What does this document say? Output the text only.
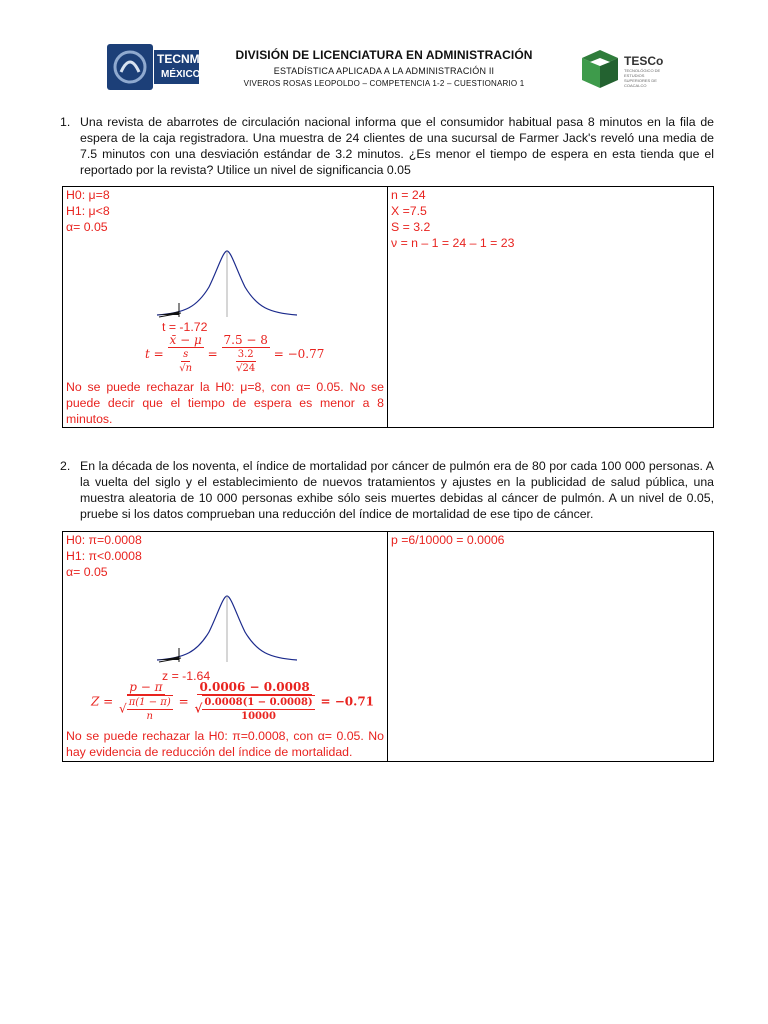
TECNM
MÉXICO
DIVISIÓN DE LICENCIATURA EN ADMINISTRACIÓN
ESTADÍSTICA APLICADA A LA ADMINISTRACIÓN II
VIVEROS ROSAS LEOPOLDO – COMPETENCIA 1-2 – CUESTIONARIO 1
TESCo
TECNOLÓGICO DE ESTUDIOS SUPERIORES DE COACALCO
1. Una revista de abarrotes de circulación nacional informa que el consumidor habitual pasa 8 minutos en la fila de espera de la caja registradora. Una muestra de 24 clientes de una sucursal de Farmer Jack's reveló una media de 7.5 minutos con una desviación estándar de 3.2 minutos. ¿Es menor el tiempo de espera en esta tienda que el reportado por la revista? Utilice un nivel de significancia 0.05
H0: μ=8
H1: μ<8
α= 0.05
t = -1.72
$t = \frac{x̄ - \mu}{\frac{s}{√n}} = \frac{7.5 - 8}{\frac{3.2}{√24}} = -0.77$
No se puede rechazar la H0: μ=8, con α= 0.05. No se puede decir que el tiempo de espera es menor a 8 minutos.
n = 24
X =7.5
S = 3.2
ν = n – 1 = 24 – 1 = 23
2. En la década de los noventa, el índice de mortalidad por cáncer de pulmón era de 80 por cada 100 000 personas. A la vuelta del siglo y el establecimiento de nuevos tratamientos y ajustes en la publicidad de salud pública, una muestra aleatoria de 10 000 personas exhibe sólo seis muertes debidas al cáncer de pulmón. A un nivel de 0.05, pruebe si los datos comprueban una reducción del índice de mortalidad de ese tipo de cáncer.
H0: π=0.0008
H1: π<0.0008
α= 0.05
z = -1.64
$Z = \frac{p - \pi}{√ \frac{\pi(1 - \pi)}{n}} = \frac{0.0006 - 0.0008}{√ \frac{0.0008(1 - 0.0008)}{10000}} = -0.71$
No se puede rechazar la H0: π=0.0008, con α= 0.05. No hay evidencia de reducción del índice de mortalidad.
p =6/10000 = 0.0006
